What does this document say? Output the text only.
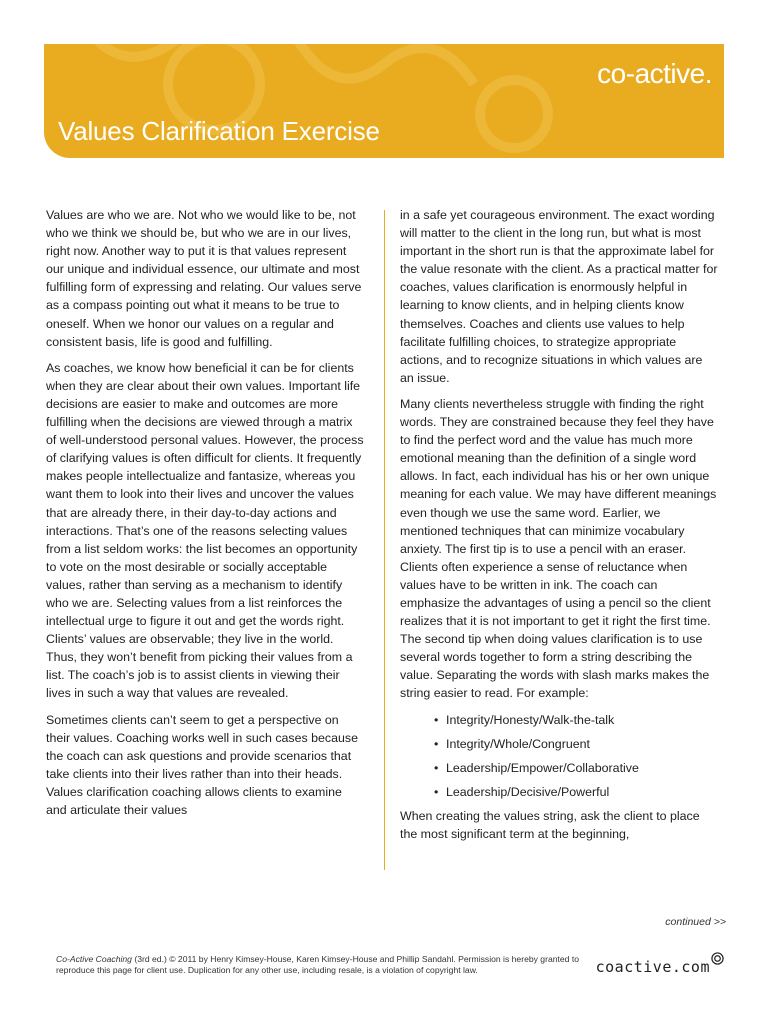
co-active.
Values Clarification Exercise

Values are who we are. Not who we would like to be, not who we think we should be, but who we are in our lives, right now. Another way to put it is that values represent our unique and individual essence, our ultimate and most fulfilling form of expressing and relating. Our values serve as a compass pointing out what it means to be true to oneself. When we honor our values on a regular and consistent basis, life is good and fulfilling.

As coaches, we know how beneficial it can be for clients when they are clear about their own values. Important life decisions are easier to make and outcomes are more fulfilling when the decisions are viewed through a matrix of well-understood personal values. However, the process of clarifying values is often difficult for clients. It frequently makes people intellectualize and fantasize, whereas you want them to look into their lives and uncover the values that are already there, in their day-to-day actions and interactions. That’s one of the reasons selecting values from a list seldom works: the list becomes an opportunity to vote on the most desirable or socially acceptable values, rather than serving as a mechanism to identify who we are. Selecting values from a list reinforces the intellectual urge to figure it out and get the words right. Clients’ values are observable; they live in the world. Thus, they won’t benefit from picking their values from a list. The coach’s job is to assist clients in viewing their lives in such a way that values are revealed.

Sometimes clients can’t seem to get a perspective on their values. Coaching works well in such cases because the coach can ask questions and provide scenarios that take clients into their lives rather than into their heads. Values clarification coaching allows clients to examine and articulate their values

in a safe yet courageous environment. The exact wording will matter to the client in the long run, but what is most important in the short run is that the approximate label for the value resonate with the client. As a practical matter for coaches, values clarification is enormously helpful in learning to know clients, and in helping clients know themselves. Coaches and clients use values to help facilitate fulfilling choices, to strategize appropriate actions, and to recognize situations in which values are an issue.

Many clients nevertheless struggle with finding the right words. They are constrained because they feel they have to find the perfect word and the value has much more emotional meaning than the definition of a single word allows. In fact, each individual has his or her own unique meaning for each value. We may have different meanings even though we use the same word. Earlier, we mentioned techniques that can minimize vocabulary anxiety. The first tip is to use a pencil with an eraser. Clients often experience a sense of reluctance when values have to be written in ink. The coach can emphasize the advantages of using a pencil so the client realizes that it is not important to get it right the first time. The second tip when doing values clarification is to use several words together to form a string describing the value. Separating the words with slash marks makes the string easier to read. For example:

• Integrity/Honesty/Walk-the-talk
• Integrity/Whole/Congruent
• Leadership/Empower/Collaborative
• Leadership/Decisive/Powerful

When creating the values string, ask the client to place the most significant term at the beginning,

continued >>
Co-Active Coaching (3rd ed.) © 2011 by Henry Kimsey-House, Karen Kimsey-House and Phillip Sandahl. Permission is hereby granted to reproduce this page for client use. Duplication for any other use, including resale, is a violation of copyright law.	coactive.com
